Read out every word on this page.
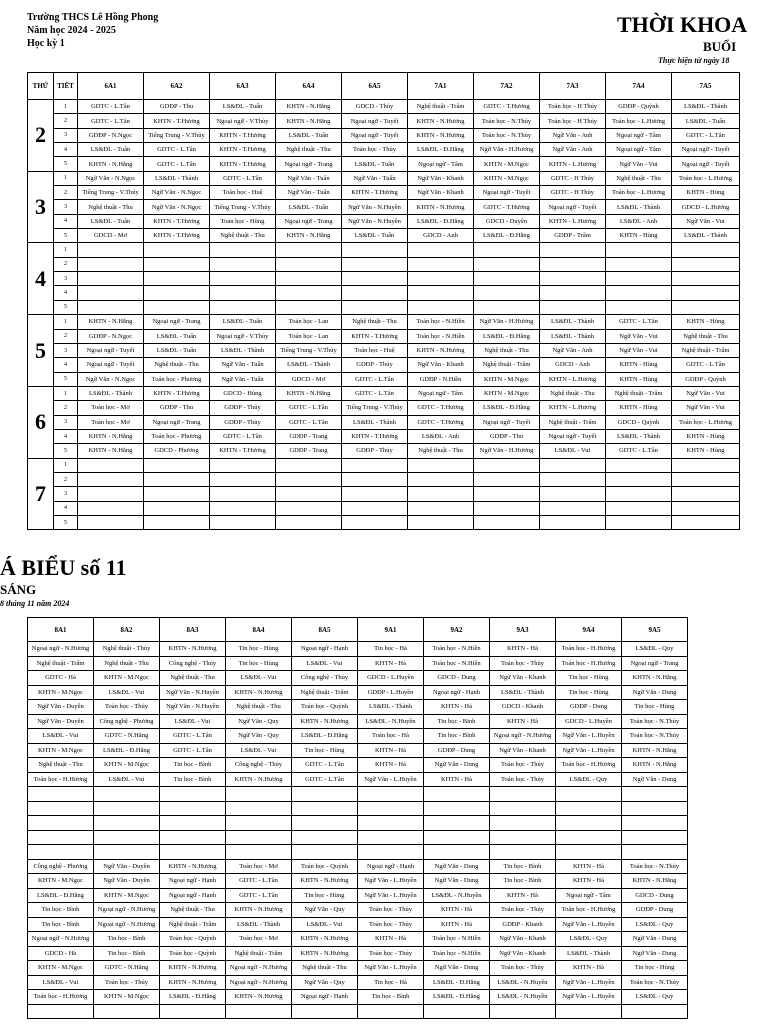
Trường THCS Lê Hồng Phong
Năm học 2024 - 2025
Học kỳ 1
THỜI KHOA
BUỔI
Thực hiện từ ngày 18
THỨ	TIẾT	6A1	6A2	6A3	6A4	6A5	7A1	7A2	7A3	7A4	7A5
2	1	GDTC - L.Tân	GDĐP - Thu	LS&ĐL - Tuấn	KHTN - N.Hằng	GDCD - Thủy	Nghệ thuật - Trâm	GDTC - T.Hương	Toán học - H Thủy	GDĐP - Quỳnh	LS&ĐL - Thành
	2	GDTC - L.Tân	KHTN - T.Hương	Ngoại ngữ - V.Thủy	KHTN - N.Hằng	Ngoại ngữ - Tuyết	KHTN - N.Hương	Toán học - N.Thủy	Toán học - H Thủy	Toán học - L.Hương	LS&ĐL - Tuấn
	3	GDĐP - N.Ngọc	Tiếng Trung - V.Thủy	KHTN - T.Hương	LS&ĐL - Tuấn	Ngoại ngữ - Tuyết	KHTN - N.Hương	Toán học - N.Thủy	Ngữ Văn - Anh	Ngoại ngữ - Tâm	GDTC - L.Tân
	4	LS&ĐL - Tuấn	GDTC - L.Tân	KHTN - T.Hương	Nghệ thuật - Thu	Toán học - Thủy	LS&ĐL - Đ.Hằng	Ngữ Văn - H.Hương	Ngữ Văn - Anh	Ngoại ngữ - Tâm	Ngoại ngữ - Tuyết
	5	KHTN - N.Hằng	GDTC - L.Tân	KHTN - T.Hương	Ngoại ngữ - Trang	LS&ĐL - Tuấn	Ngoại ngữ - Tâm	KHTN - M.Ngọc	KHTN - L.Hương	Ngữ Văn - Vui	Ngoại ngữ - Tuyết
3	1	Ngữ Văn - N.Ngọc	LS&ĐL - Thành	GDTC - L.Tân	Ngữ Văn - Tuấn	Ngữ Văn - Tuấn	Ngữ Văn - Khanh	KHTN - M.Ngọc	GDTC - H Thủy	Nghệ thuật - Thu	Toán học - L.Hương
	2	Tiếng Trung - V.Thủy	Ngữ Văn - N.Ngọc	Toán học - Huệ	Ngữ Văn - Tuấn	KHTN - T.Hương	Ngữ Văn - Khanh	Ngoại ngữ - Tuyết	GDTC - H Thủy	Toán học - L.Hương	KHTN - Hùng
	3	Nghệ thuật - Thu	Ngữ Văn - N.Ngọc	Tiếng Trung - V.Thủy	LS&ĐL - Tuấn	Ngữ Văn - N.Huyền	KHTN - N.Hương	GDTC - T.Hương	Ngoại ngữ - Tuyết	LS&ĐL - Thành	GDCD - L.Hương
	4	LS&ĐL - Tuấn	KHTN - T.Hương	Toán học - Hùng	Ngoại ngữ - Trang	Ngữ Văn - N.Huyền	LS&ĐL - Đ.Hằng	GDCD - Duyên	KHTN - L.Hương	LS&ĐL - Anh	Ngữ Văn - Vui
	5	GDCD - Mơ	KHTN - T.Hương	Nghệ thuật - Thu	KHTN - N.Hằng	LS&ĐL - Tuấn	GDCD - Anh	LS&ĐL - Đ.Hằng	GDĐP - Trâm	KHTN - Hùng	LS&ĐL - Thành
4	1										
	2										
	3										
	4										
	5										
5	1	KHTN - N.Hằng	Ngoại ngữ - Trang	LS&ĐL - Tuấn	Toán học - Lan	Nghệ thuật - Thu	Toán học - N.Hiền	Ngữ Văn - H.Hương	LS&ĐL - Thành	GDTC - L.Tân	KHTN - Hùng
	2	GDĐP - N.Ngọc	LS&ĐL - Tuấn	Ngoại ngữ - V.Thủy	Toán học - Lan	KHTN - T.Hương	Toán học - N.Hiền	LS&ĐL - Đ.Hằng	LS&ĐL - Thành	Ngữ Văn - Vui	Nghệ thuật - Thu
	3	Ngoại ngữ - Tuyết	LS&ĐL - Tuấn	LS&ĐL - Thành	Tiếng Trung - V.Thủy	Toán học - Huệ	KHTN - N.Hương	Nghệ thuật - Thu	Ngữ Văn - Anh	Ngữ Văn - Vui	Nghệ thuật - Trâm
	4	Ngoại ngữ - Tuyết	Nghệ thuật - Thu	Ngữ Văn - Tuấn	LS&ĐL - Thành	GDĐP - Thủy	Ngữ Văn - Khanh	Nghệ thuật - Trâm	GDCD - Anh	KHTN - Hùng	GDTC - L.Tân
	5	Ngữ Văn - N.Ngọc	Toán học - Phương	Ngữ Văn - Tuấn	GDCD - Mơ	GDTC - L.Tân	GDĐP - N.Hiền	KHTN - M.Ngọc	KHTN - L.Hương	KHTN - Hùng	GDĐP - Quỳnh
6	1	LS&ĐL - Thành	KHTN - T.Hương	GDCD - Hùng	KHTN - N.Hằng	GDTC - L.Tân	Ngoại ngữ - Tâm	KHTN - M.Ngọc	Nghệ thuật - Thu	Nghệ thuật - Trâm	Ngữ Văn - Vui
	2	Toán học - Mơ	GDĐP - Thu	GDĐP - Thủy	GDTC - L.Tân	Tiếng Trung - V.Thủy	GDTC - T.Hương	LS&ĐL - Đ.Hằng	KHTN - L.Hương	KHTN - Hùng	Ngữ Văn - Vui
	3	Toán học - Mơ	Ngoại ngữ - Trang	GDĐP - Thủy	GDTC - L.Tân	LS&ĐL - Thành	GDTC - T.Hương	Ngoại ngữ - Tuyết	Nghệ thuật - Trâm	GDCD - Quỳnh	Toán học - L.Hương
	4	KHTN - N.Hằng	Toán học - Phương	GDTC - L.Tân	GDĐP - Trang	KHTN - T.Hương	LS&ĐL - Anh	GDĐP - Thu	Ngoại ngữ - Tuyết	LS&ĐL - Thành	KHTN - Hùng
	5	KHTN - N.Hằng	GDCD - Phương	KHTN - T.Hương	GDĐP - Trang	GDĐP - Thủy	Nghệ thuật - Thu	Ngữ Văn - H.Hương	LS&ĐL - Vui	GDTC - L.Tân	KHTN - Hùng
7	1										
	2										
	3										
	4										
	5										
Á BIỂU số 11
SÁNG
8 tháng 11 năm 2024
8A1	8A2	8A3	8A4	8A5	9A1	9A2	9A3	9A4	9A5
Ngoại ngữ - N.Hương	Nghệ thuật - Thủy	KHTN - N.Hương	Tin học - Hùng	Ngoại ngữ - Hạnh	Tin học - Hà	Toán học - N.Hiền	KHTN - Hà	Toán học - H.Hương	LS&ĐL - Quy
Nghệ thuật - Trâm	Nghệ thuật - Thu	Công nghệ - Thủy	Tin học - Hùng	LS&ĐL - Vui	KHTN - Hà	Toán học - N.Hiền	Toán học - Thủy	Toán học - H.Hương	Ngoại ngữ - Trang
GDTC - Hà	KHTN - M.Ngọc	Nghệ thuật - Thu	LS&ĐL - Vui	Công nghệ - Thủy	GDCD - L.Huyền	GDCD - Dung	Ngữ Văn - Khanh	Tin học - Hùng	KHTN - N.Hằng
KHTN - M.Ngọc	LS&ĐL - Vui	Ngữ Văn - N.Huyền	KHTN - N.Hương	Nghệ thuật - Trâm	GDĐP - L.Huyền	Ngoại ngữ - Hạnh	LS&ĐL - Thành	Tin học - Hùng	Ngữ Văn - Dung
Ngữ Văn - Duyên	Toán học - Thủy	Ngữ Văn - N.Huyền	Nghệ thuật - Thu	Toán học - Quỳnh	LS&ĐL - Thành	KHTN - Hà	GDCD - Khanh	GDĐP - Dung	Tin học - Hùng
Ngữ Văn - Duyên	Công nghệ - Phương	LS&ĐL - Vui	Ngữ Văn - Quy	KHTN - N.Hương	LS&ĐL - N.Huyền	Tin học - Bình	KHTN - Hà	GDCD - L.Huyền	Toán học - N.Thủy
LS&ĐL - Vui	GDTC - N.Hằng	GDTC - L.Tân	Ngữ Văn - Quy	LS&ĐL - Đ.Hằng	Toán học - Hà	Tin học - Bình	Ngoại ngữ - N.Hương	Ngữ Văn - L.Huyền	Toán học - N.Thủy
KHTN - M.Ngọc	LS&ĐL - Đ.Hằng	GDTC - L.Tân	LS&ĐL - Vui	Tin học - Hùng	KHTN - Hà	GDĐP - Dung	Ngữ Văn - Khanh	Ngữ Văn - L.Huyền	KHTN - N.Hằng
Nghệ thuật - Thu	KHTN - M.Ngọc	Tin học - Bình	Công nghệ - Thủy	GDTC - L.Tân	KHTN - Hà	Ngữ Văn - Dung	Toán học - Thủy	Toán học - H.Hương	KHTN - N.Hằng
Toán học - H.Hương	LS&ĐL - Vui	Tin học - Bình	KHTN - N.Hương	GDTC - L.Tân	Ngữ Văn - L.Huyền	KHTN - Hà	Toán học - Thủy	LS&ĐL - Quy	Ngữ Văn - Dung

Công nghệ - Phương	Ngữ Văn - Duyên	KHTN - N.Hương	Toán học - Mơ	Toán học - Quỳnh	Ngoại ngữ - Hạnh	Ngữ Văn - Dung	Tin học - Bình	KHTN - Hà	Toán học - N.Thủy
KHTN - M.Ngọc	Ngữ Văn - Duyên	Ngoại ngữ - Hạnh	GDTC - L.Tân	KHTN - N.Hương	Ngữ Văn - L.Huyền	Ngữ Văn - Dung	Tin học - Bình	KHTN - Hà	KHTN - N.Hằng
LS&ĐL - Đ.Hằng	KHTN - M.Ngọc	Ngoại ngữ - Hạnh	GDTC - L.Tân	Tin học - Hùng	Ngữ Văn - L.Huyền	LS&ĐL - N.Huyền	KHTN - Hà	Ngoại ngữ - Tâm	GDCD - Dung
Tin học - Bình	Ngoại ngữ - N.Hương	Nghệ thuật - Thu	KHTN - N.Hương	Ngữ Văn - Quy	Toán học - Thủy	KHTN - Hà	Toán học - Thủy	Toán học - H.Hương	GDĐP - Dung
Tin học - Bình	Ngoại ngữ - N.Hương	Nghệ thuật - Trâm	LS&ĐL - Thành	LS&ĐL - Vui	Toán học - Thủy	KHTN - Hà	GDĐP - Khanh	Ngữ Văn - L.Huyền	LS&ĐL - Quy
Ngoại ngữ - N.Hương	Tin học - Bình	Toán học - Quỳnh	Toán học - Mơ	KHTN - N.Hương	KHTN - Hà	Toán học - N.Hiền	Ngữ Văn - Khanh	LS&ĐL - Quy	Ngữ Văn - Dung
GDCD - Hà	Tin học - Bình	Toán học - Quỳnh	Nghệ thuật - Trâm	KHTN - N.Hương	Toán học - Thủy	Toán học - N.Hiền	Ngữ Văn - Khanh	LS&ĐL - Thành	Ngữ Văn - Dung
KHTN - M.Ngọc	GDTC - N.Hằng	KHTN - N.Hương	Ngoại ngữ - N.Hương	Nghệ thuật - Thu	Ngữ Văn - L.Huyền	Ngữ Văn - Dung	Toán học - Thủy	KHTN - Hà	Tin học - Hùng
LS&ĐL - Vui	Toán học - Thủy	KHTN - N.Hương	Ngoại ngữ - N.Hương	Ngữ Văn - Quy	Tin học - Hà	LS&ĐL - Đ.Hằng	LS&ĐL - N.Huyền	Ngữ Văn - L.Huyền	Toán học - N.Thủy
Toán học - H.Hương	KHTN - M.Ngọc	LS&ĐL - Đ.Hằng	KHTN - N.Hương	Ngoại ngữ - Hạnh	Tin học - Bình	LS&ĐL - Đ.Hằng	LS&ĐL - N.Huyền	Ngữ Văn - L.Huyền	LS&ĐL - Quy
